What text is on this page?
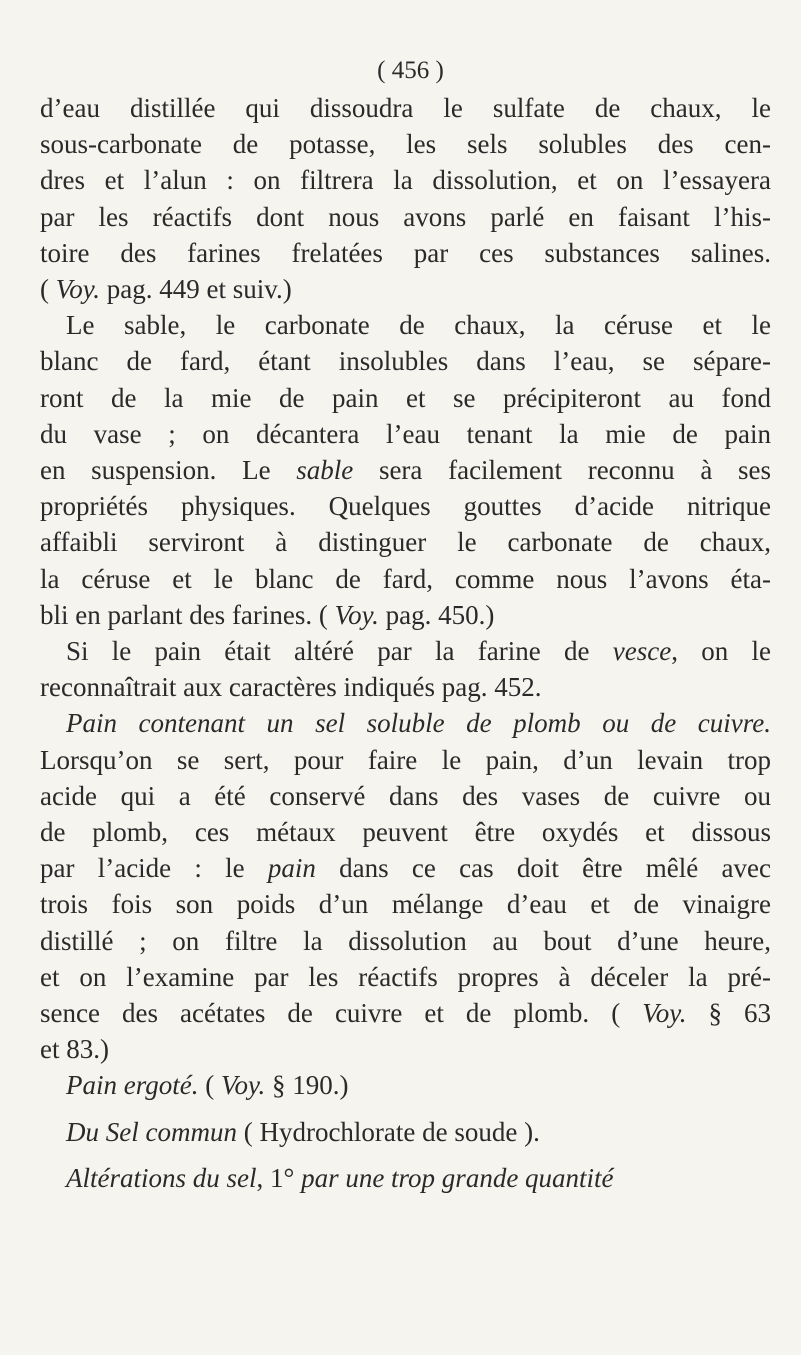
( 456 )
d’eau distillée qui dissoudra le sulfate de chaux, le
sous-carbonate de potasse, les sels solubles des cen-
dres et l’alun : on filtrera la dissolution, et on l’essayera
par les réactifs dont nous avons parlé en faisant l’his-
toire des farines frelatées par ces substances salines.
( Voy. pag. 449 et suiv.)
Le sable, le carbonate de chaux, la céruse et le
blanc de fard, étant insolubles dans l’eau, se sépare-
ront de la mie de pain et se précipiteront au fond
du vase ; on décantera l’eau tenant la mie de pain
en suspension. Le sable sera facilement reconnu à ses
propriétés physiques. Quelques gouttes d’acide nitrique
affaibli serviront à distinguer le carbonate de chaux,
la céruse et le blanc de fard, comme nous l’avons éta-
bli en parlant des farines. ( Voy. pag. 450.)
Si le pain était altéré par la farine de vesce, on le
reconnaîtrait aux caractères indiqués pag. 452.
Pain contenant un sel soluble de plomb ou de cuivre.
Lorsqu’on se sert, pour faire le pain, d’un levain trop
acide qui a été conservé dans des vases de cuivre ou
de plomb, ces métaux peuvent être oxydés et dissous
par l’acide : le pain dans ce cas doit être mêlé avec
trois fois son poids d’un mélange d’eau et de vinaigre
distillé ; on filtre la dissolution au bout d’une heure,
et on l’examine par les réactifs propres à déceler la pré-
sence des acétates de cuivre et de plomb. ( Voy. § 63
et 83.)
Pain ergoté. ( Voy. § 190.)
Du Sel commun ( Hydrochlorate de soude ).
Altérations du sel, 1° par une trop grande quantité
